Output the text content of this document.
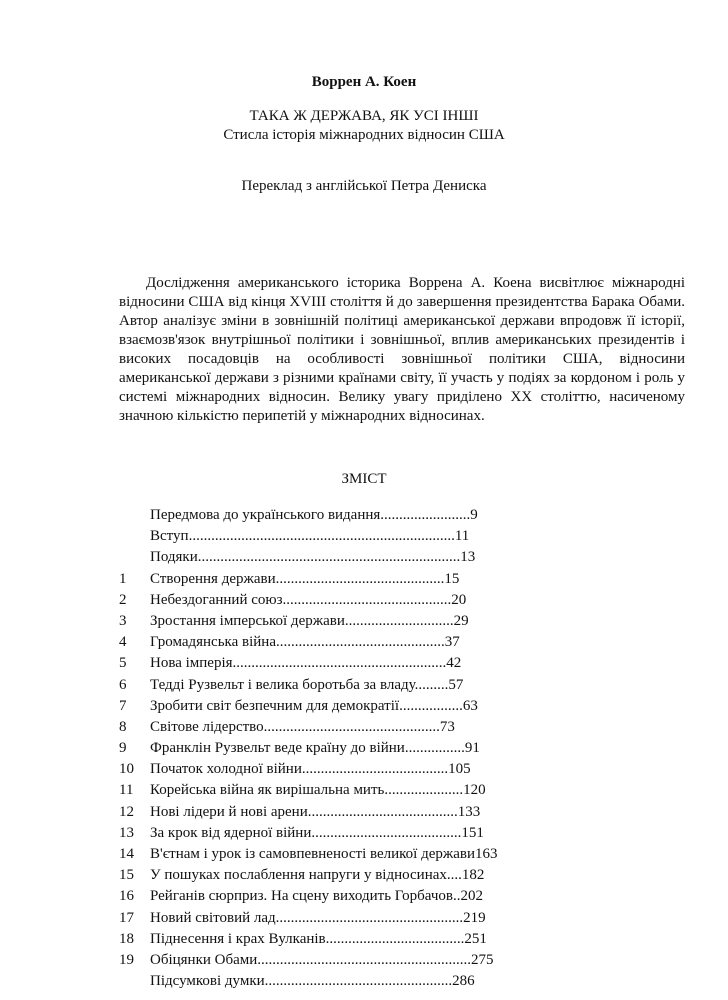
Воррен А. Коен
ТАКА Ж ДЕРЖАВА, ЯК УСІ ІНШІ
Стисла історія міжнародних відносин США
Переклад з англійської Петра Дениска

Дослідження американського історика Воррена А. Коена висвітлює міжнародні відносини США від кінця XVIII століття й до завершення президентства Барака Обами. Автор аналізує зміни в зовнішній політиці американської держави впродовж її історії, взаємозв'язок внутрішньої політики і зовнішньої, вплив американських президентів і високих посадовців на особливості зовнішньої політики США, відносини американської держави з різними країнами світу, її участь у подіях за кордоном і роль у системі міжнародних відносин. Велику увагу приділено XX століттю, насиченому значною кількістю перипетій у міжнародних відносинах.

ЗМІСТ
Передмова до українського видання........................9
Вступ.......................................................................11
Подяки......................................................................13
1	Створення держави.............................................15
2	Небездоганний союз.............................................20
3	Зростання імперської держави.............................29
4	Громадянська війна.............................................37
5	Нова імперія.........................................................42
6	Тедді Рузвельт і велика боротьба за владу.........57
7	Зробити світ безпечним для демократії.................63
8	Світове лідерство...............................................73
9	Франклін Рузвельт веде країну до війни................91
10	Початок холодної війни.......................................105
11	Корейська війна як вирішальна мить.....................120
12	Нові лідери й нові арени........................................133
13	За крок від ядерної війни........................................151
14	В'єтнам і урок із самовпевненості великої держави163
15	У пошуках послаблення напруги у відносинах....182
16	Рейганів сюрприз. На сцену виходить Горбачов..202
17	Новий світовий лад..................................................219
18	Піднесення і крах Вулканів.....................................251
19	Обіцянки Обами.........................................................275
Підсумкові думки..................................................286
